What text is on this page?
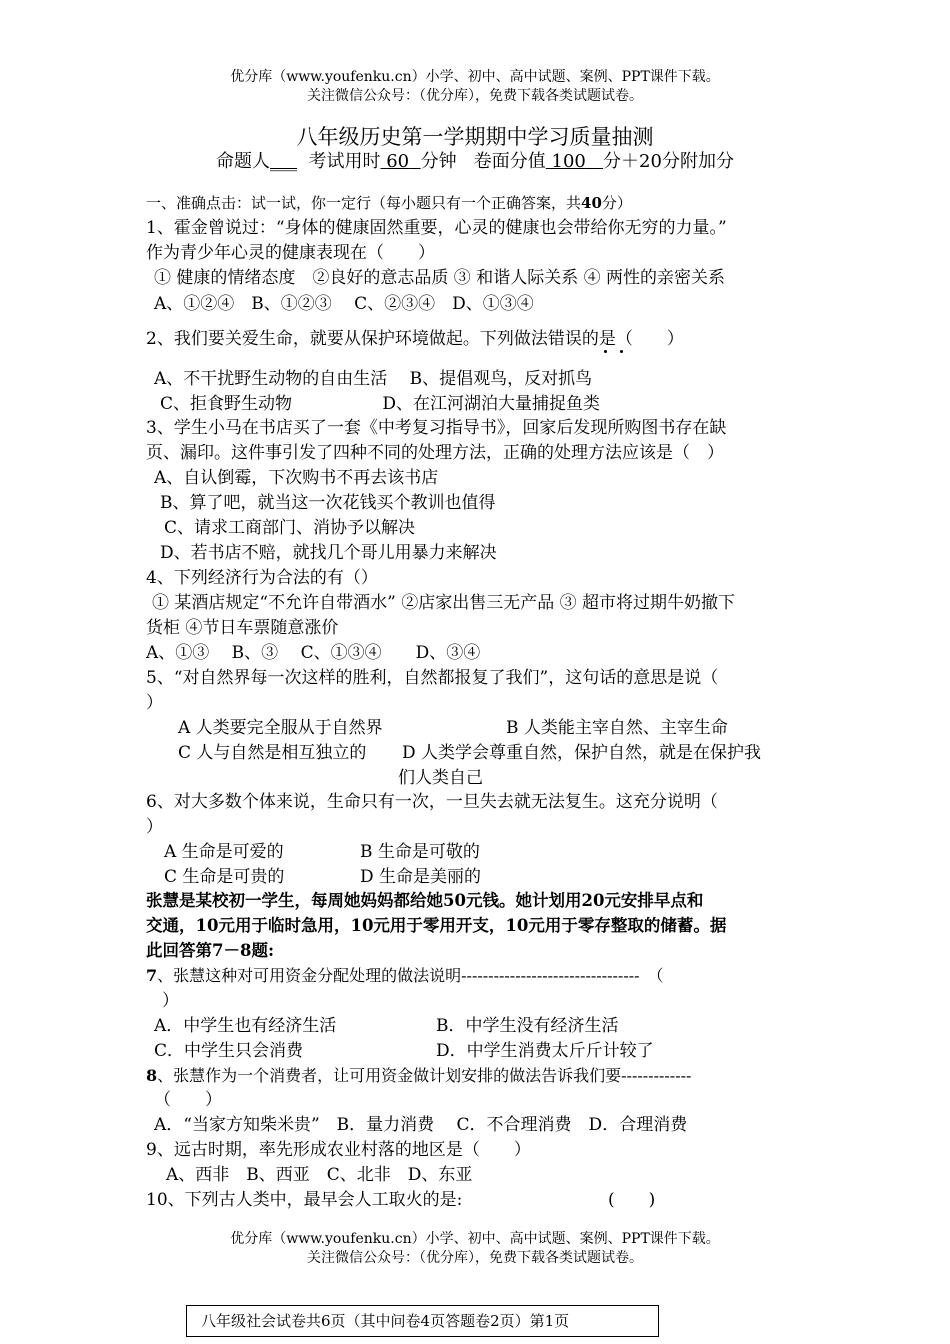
优分库（www.youfenku.cn）小学、初中、高中试题、案例、PPT课件下载。
关注微信公众号：（优分库），免费下载各类试题试卷。
八年级历史第一学期期中学习质量抽测
命题人___ 考试用时 60 分钟 卷面分值 100 分＋20分附加分
一、准确点击：试一试，你一定行（每小题只有一个正确答案，共40分）
1、霍金曾说过：“身体的健康固然重要，心灵的健康也会带给你无穷的力量。”
作为青少年心灵的健康表现在（　　）
① 健康的情绪态度　②良好的意志品质 ③ 和谐人际关系 ④ 两性的亲密关系
A、①②④　B、①②③　 C、②③④　D、①③④
2、我们要关爱生命，就要从保护环境做起。下列做法错误的是（　　）
A、不干扰野生动物的自由生活　 B、提倡观鸟，反对抓鸟
C、拒食野生动物　　　　　 D、在江河湖泊大量捕捉鱼类
3、学生小马在书店买了一套《中考复习指导书》，回家后发现所购图书存在缺
页、漏印。这件事引发了四种不同的处理方法，正确的处理方法应该是（　）
A、自认倒霉，下次购书不再去该书店
B、算了吧，就当这一次花钱买个教训也值得
C、请求工商部门、消协予以解决
D、若书店不赔，就找几个哥儿用暴力来解决
4、下列经济行为合法的有（）
① 某酒店规定“不允许自带酒水” ②店家出售三无产品 ③ 超市将过期牛奶撤下
货柜 ④节日车票随意涨价
A、①③　 B、③　 C、①③④　　D、③④
5、“对自然界每一次这样的胜利，自然都报复了我们”，这句话的意思是说（
）
A 人类要完全服从于自然界	B 人类能主宰自然、主宰生命
C 人与自然是相互独立的 D 人类学会尊重自然，保护自然，就是在保护我
们人类自己
6、对大多数个体来说，生命只有一次，一旦失去就无法复生。这充分说明（
）
A 生命是可爱的	B 生命是可敬的
C 生命是可贵的	D 生命是美丽的
张慧是某校初一学生，每周她妈妈都给她50元钱。她计划用20元安排早点和
交通，10元用于临时急用，10元用于零用开支，10元用于零存整取的储蓄。据
此回答第7－8题:
7、张慧这种对可用资金分配处理的做法说明---------------------------------　（
）
A．中学生也有经济生活	B．中学生没有经济生活
C．中学生只会消费	D．中学生消费太斤斤计较了
8、张慧作为一个消费者，让可用资金做计划安排的做法告诉我们要-------------
（　　）
A．“当家方知柴米贵”　B．量力消费　 C．不合理消费　D．合理消费
9、远古时期，率先形成农业村落的地区是（　　）
A、西非　B、西亚　C、北非　D、东亚
10、下列古人类中，最早会人工取火的是:	(　　)
优分库（www.youfenku.cn）小学、初中、高中试题、案例、PPT课件下载。
关注微信公众号：（优分库），免费下载各类试题试卷。
八年级社会试卷共6页（其中问卷4页答题卷2页）第1页
